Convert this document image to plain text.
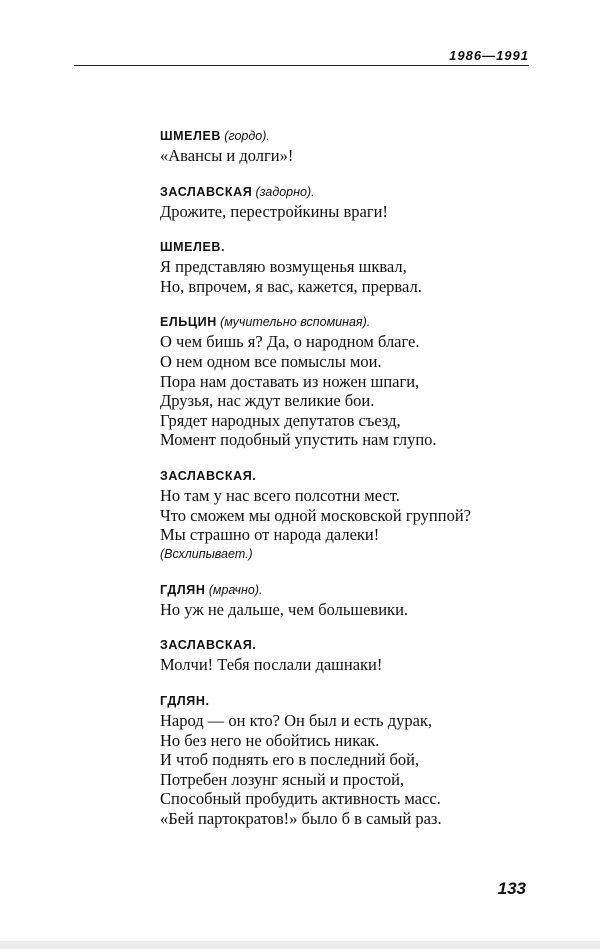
1986—1991
ШМЕЛЕВ (гордо).
«Авансы и долги»!
ЗАСЛАВСКАЯ (задорно).
Дрожите, перестройкины враги!
ШМЕЛЕВ.
Я представляю возмущенья шквал,
Но, впрочем, я вас, кажется, прервал.
ЕЛЬЦИН (мучительно вспоминая).
О чем бишь я? Да, о народном благе.
О нем одном все помыслы мои.
Пора нам доставать из ножен шпаги,
Друзья, нас ждут великие бои.
Грядет народных депутатов съезд,
Момент подобный упустить нам глупо.
ЗАСЛАВСКАЯ.
Но там у нас всего полсотни мест.
Что сможем мы одной московской группой?
Мы страшно от народа далеки!
(Всхлипывает.)
ГДЛЯН (мрачно).
Но уж не дальше, чем большевики.
ЗАСЛАВСКАЯ.
Молчи! Тебя послали дашнаки!
ГДЛЯН.
Народ — он кто? Он был и есть дурак,
Но без него не обойтись никак.
И чтоб поднять его в последний бой,
Потребен лозунг ясный и простой,
Способный пробудить активность масс.
«Бей партократов!» было б в самый раз.
133
